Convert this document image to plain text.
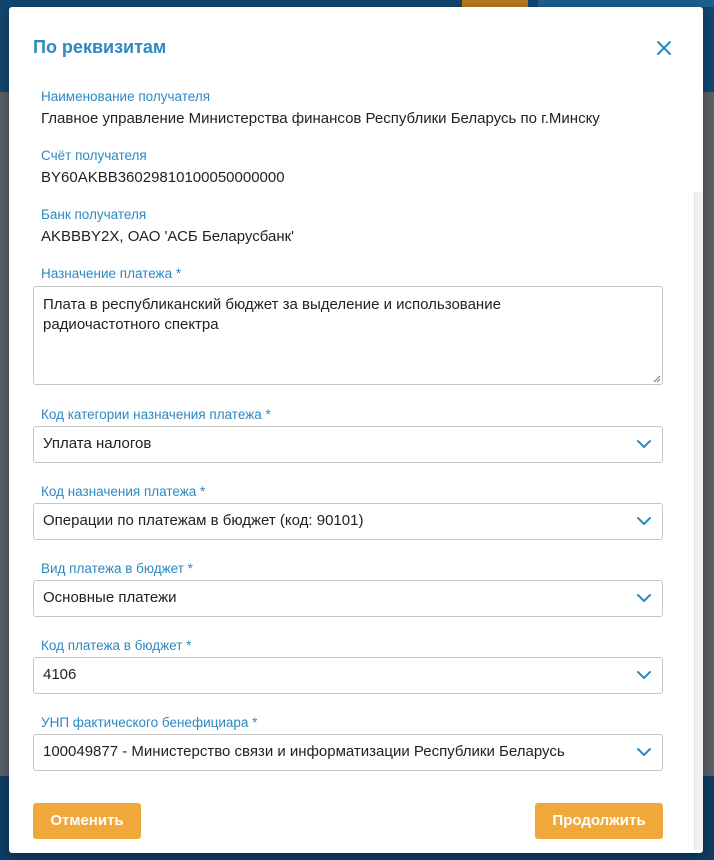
По реквизитам
Наименование получателя
Главное управление Министерства финансов Республики Беларусь по г.Минску
Счёт получателя
BY60AKBB36029810100050000000
Банк получателя
AKBBBY2X, ОАО 'АСБ Беларусбанк'
Назначение платежа *
Плата в республиканский бюджет за выделение и использование радиочастотного спектра
Код категории назначения платежа *
Уплата налогов
Код назначения платежа *
Операции по платежам в бюджет (код: 90101)
Вид платежа в бюджет *
Основные платежи
Код платежа в бюджет *
4106
УНП фактического бенефициара *
100049877 - Министерство связи и информатизации Республики Беларусь
Отменить	Продолжить
